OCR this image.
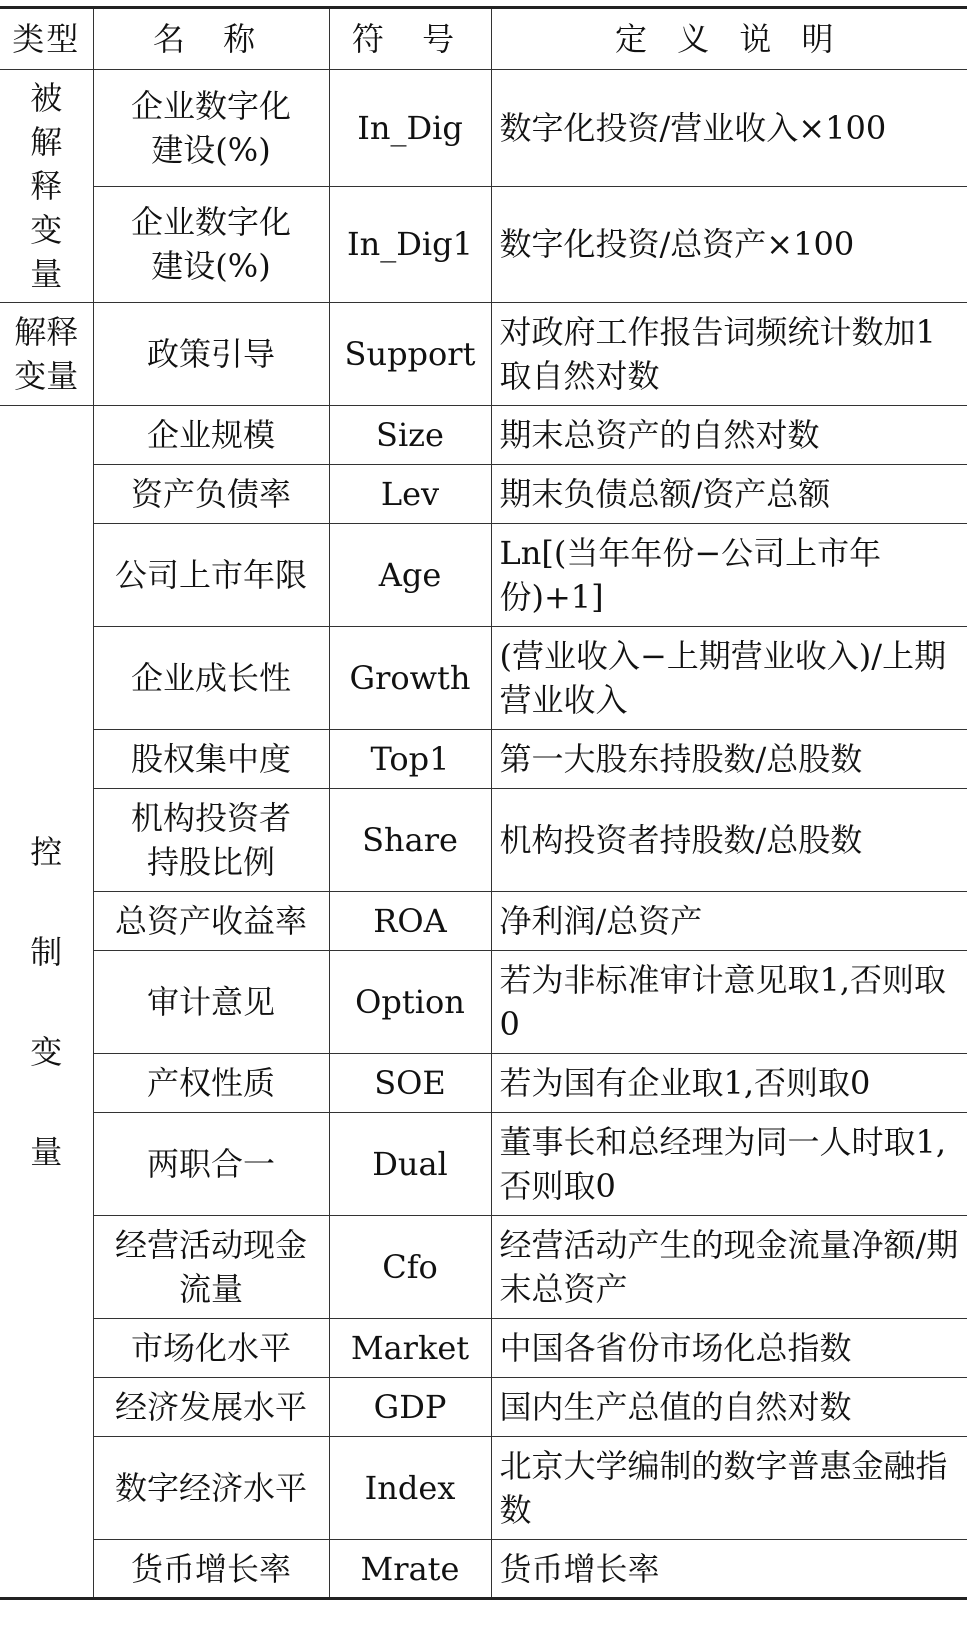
类型	名 称	符 号	定 义 说 明
被解释变量	企业数字化建设(%)	In_Dig	数字化投资/营业收入×100
	企业数字化建设(%)	In_Dig1	数字化投资/总资产×100
解释变量	政策引导	Support	对政府工作报告词频统计数加1取自然对数
控制变量	企业规模	Size	期末总资产的自然对数
	资产负债率	Lev	期末负债总额/资产总额
	公司上市年限	Age	Ln[(当年年份−公司上市年份)+1]
	企业成长性	Growth	(营业收入−上期营业收入)/上期营业收入
	股权集中度	Top1	第一大股东持股数/总股数
	机构投资者持股比例	Share	机构投资者持股数/总股数
	总资产收益率	ROA	净利润/总资产
	审计意见	Option	若为非标准审计意见取1,否则取0
	产权性质	SOE	若为国有企业取1,否则取0
	两职合一	Dual	董事长和总经理为同一人时取1,否则取0
	经营活动现金流量	Cfo	经营活动产生的现金流量净额/期末总资产
	市场化水平	Market	中国各省份市场化总指数
	经济发展水平	GDP	国内生产总值的自然对数
	数字经济水平	Index	北京大学编制的数字普惠金融指数
	货币增长率	Mrate	货币增长率
